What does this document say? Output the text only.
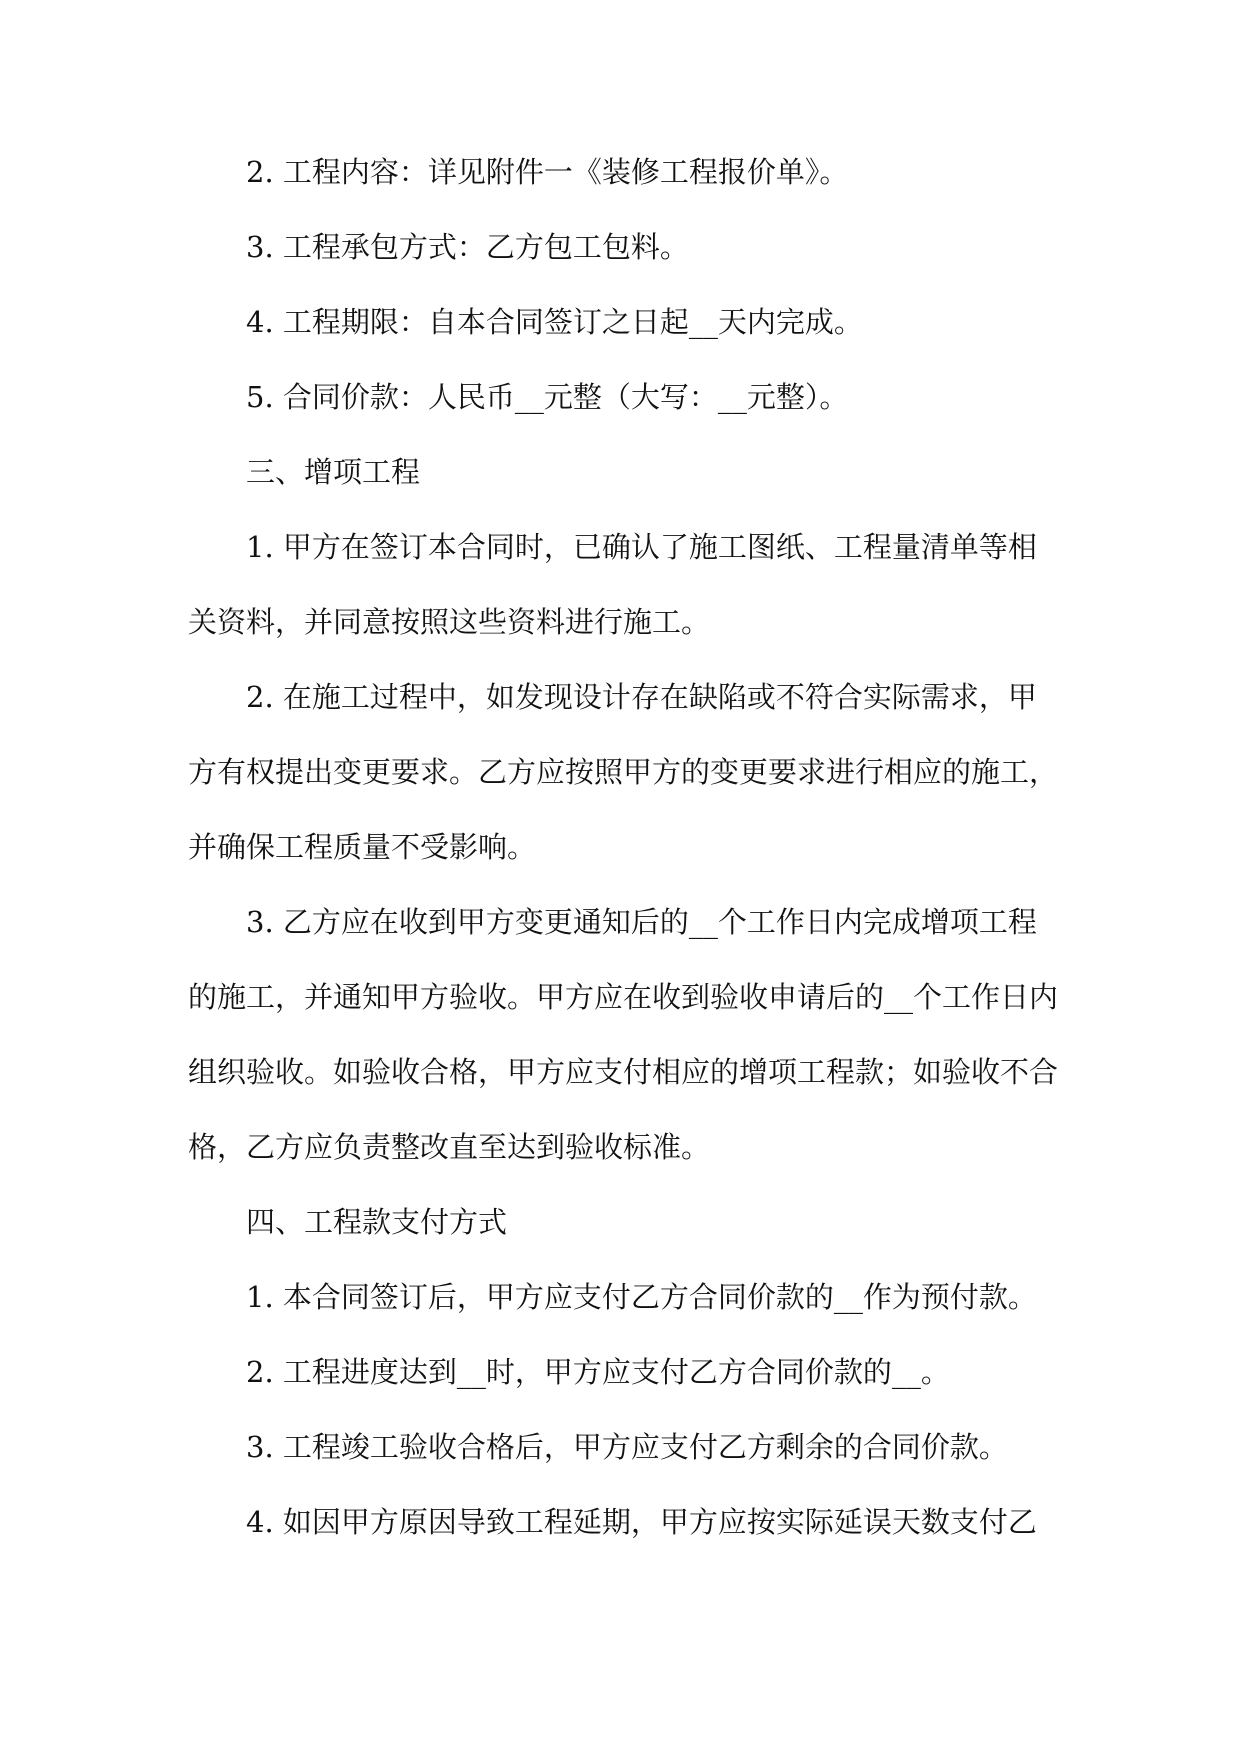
2. 工程内容：详见附件一《装修工程报价单》。

3. 工程承包方式：乙方包工包料。

4. 工程期限：自本合同签订之日起__天内完成。

5. 合同价款：人民币__元整（大写：__元整）。

三、增项工程

1. 甲方在签订本合同时，已确认了施工图纸、工程量清单等相关资料，并同意按照这些资料进行施工。

2. 在施工过程中，如发现设计存在缺陷或不符合实际需求，甲方有权提出变更要求。乙方应按照甲方的变更要求进行相应的施工，并确保工程质量不受影响。

3. 乙方应在收到甲方变更通知后的__个工作日内完成增项工程的施工，并通知甲方验收。甲方应在收到验收申请后的__个工作日内组织验收。如验收合格，甲方应支付相应的增项工程款；如验收不合格，乙方应负责整改直至达到验收标准。

四、工程款支付方式

1. 本合同签订后，甲方应支付乙方合同价款的__作为预付款。

2. 工程进度达到__时，甲方应支付乙方合同价款的__。

3. 工程竣工验收合格后，甲方应支付乙方剩余的合同价款。

4. 如因甲方原因导致工程延期，甲方应按实际延误天数支付乙
